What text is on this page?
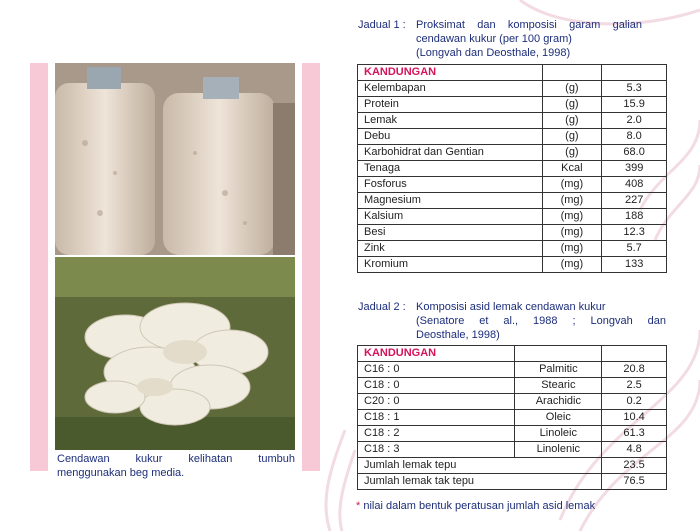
Cendawan kukur kelihatan tumbuh
menggunakan beg media.
Jadual 1 : Proksimat dan komposisi garam galian
cendawan kukur (per 100 gram)
(Longvah dan Deosthale, 1998)
KANDUNGAN		
Kelembapan	(g)	5.3
Protein	(g)	15.9
Lemak	(g)	2.0
Debu	(g)	8.0
Karbohidrat dan Gentian	(g)	68.0
Tenaga	Kcal	399
Fosforus	(mg)	408
Magnesium	(mg)	227
Kalsium	(mg)	188
Besi	(mg)	12.3
Zink	(mg)	5.7
Kromium	(mg)	133
Jadual 2 : Komposisi asid lemak cendawan kukur
(Senatore et al., 1988 ; Longvah dan
Deosthale, 1998)
KANDUNGAN		
C16 : 0	Palmitic	20.8
C18 : 0	Stearic	2.5
C20 : 0	Arachidic	0.2
C18 : 1	Oleic	10.4
C18 : 2	Linoleic	61.3
C18 : 3	Linolenic	4.8
Jumlah lemak tepu		23.5
Jumlah lemak tak tepu		76.5
* nilai dalam bentuk peratusan jumlah asid lemak
